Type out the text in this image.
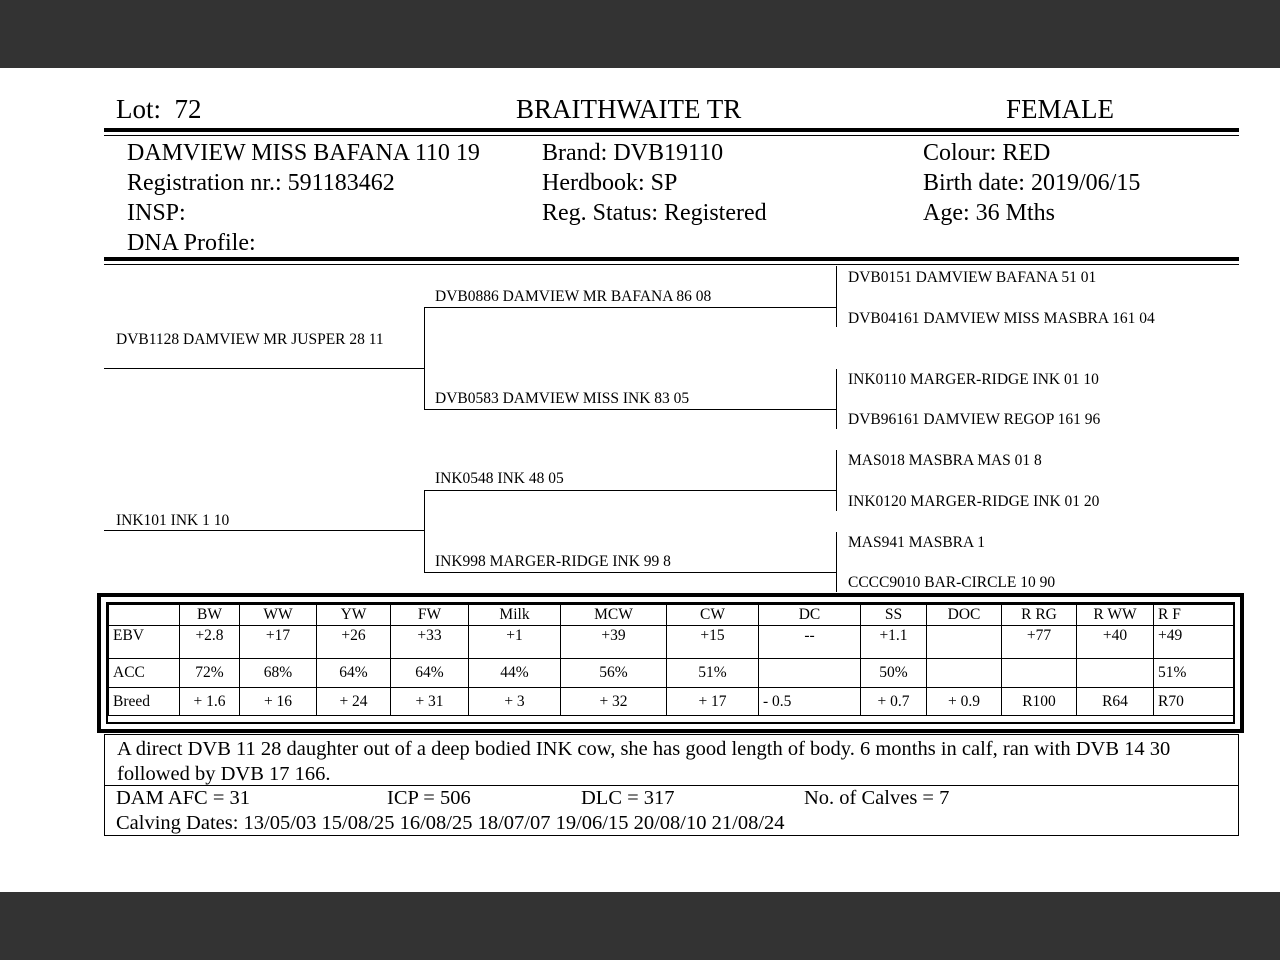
Lot: 72	BRAITHWAITE TR	FEMALE
DAMVIEW MISS BAFANA 110 19
Registration nr.: 591183462
INSP:
DNA Profile:
Brand: DVB19110
Herdbook: SP
Reg. Status: Registered
Colour: RED
Birth date: 2019/06/15
Age: 36 Mths
DVB1128 DAMVIEW MR JUSPER 28 11
INK101 INK 1 10
DVB0886 DAMVIEW MR BAFANA 86 08
DVB0583 DAMVIEW MISS INK 83 05
INK0548 INK 48 05
INK998 MARGER-RIDGE INK 99 8
DVB0151 DAMVIEW BAFANA 51 01
DVB04161 DAMVIEW MISS MASBRA 161 04
INK0110 MARGER-RIDGE INK 01 10
DVB96161 DAMVIEW REGOP 161 96
MAS018 MASBRA MAS 01 8
INK0120 MARGER-RIDGE INK 01 20
MAS941 MASBRA 1
CCCC9010 BAR-CIRCLE 10 90
	BW	WW	YW	FW	Milk	MCW	CW	DC	SS	DOC	R RG	R WW	R F
EBV	+2.8	+17	+26	+33	+1	+39	+15	--	+1.1		+77	+40	+49
ACC	72%	68%	64%	64%	44%	56%	51%		50%				51%
Breed	+ 1.6	+ 16	+ 24	+ 31	+ 3	+ 32	+ 17	- 0.5	+ 0.7	+ 0.9	R100	R64	R70
A direct DVB 11 28 daughter out of a deep bodied INK cow, she has good length of body. 6 months in calf, ran with DVB 14 30 followed by DVB 17 166.
DAM AFC = 31	ICP = 506	DLC = 317	No. of Calves = 7
Calving Dates: 13/05/03 15/08/25 16/08/25 18/07/07 19/06/15 20/08/10 21/08/24
